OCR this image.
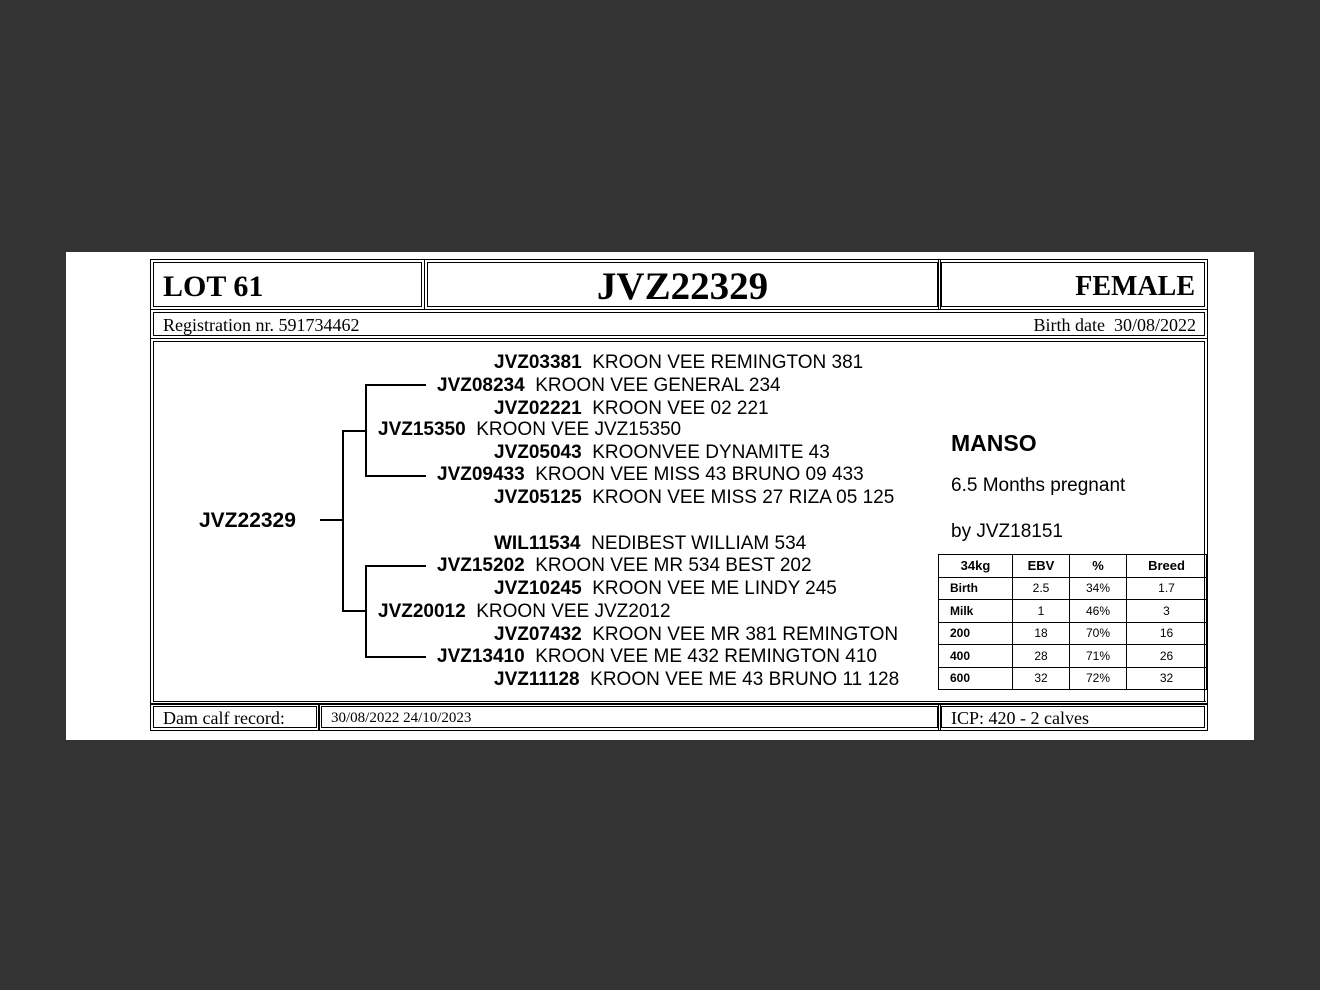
LOT 61	JVZ22329	FEMALE
Registration nr. 591734462	Birth date 30/08/2022
JVZ22329
JVZ03381 KROON VEE REMINGTON 381
JVZ08234 KROON VEE GENERAL 234
JVZ02221 KROON VEE 02 221
JVZ15350 KROON VEE JVZ15350
JVZ05043 KROONVEE DYNAMITE 43
JVZ09433 KROON VEE MISS 43 BRUNO 09 433
JVZ05125 KROON VEE MISS 27 RIZA 05 125
WIL11534 NEDIBEST WILLIAM 534
JVZ15202 KROON VEE MR 534 BEST 202
JVZ10245 KROON VEE ME LINDY 245
JVZ20012 KROON VEE JVZ2012
JVZ07432 KROON VEE MR 381 REMINGTON
JVZ13410 KROON VEE ME 432 REMINGTON 410
JVZ11128 KROON VEE ME 43 BRUNO 11 128
MANSO
6.5 Months pregnant
by JVZ18151
34kg	EBV	%	Breed
Birth	2.5	34%	1.7
Milk	1	46%	3
200	18	70%	16
400	28	71%	26
600	32	72%	32
Dam calf record:	30/08/2022 24/10/2023	ICP: 420 - 2 calves
